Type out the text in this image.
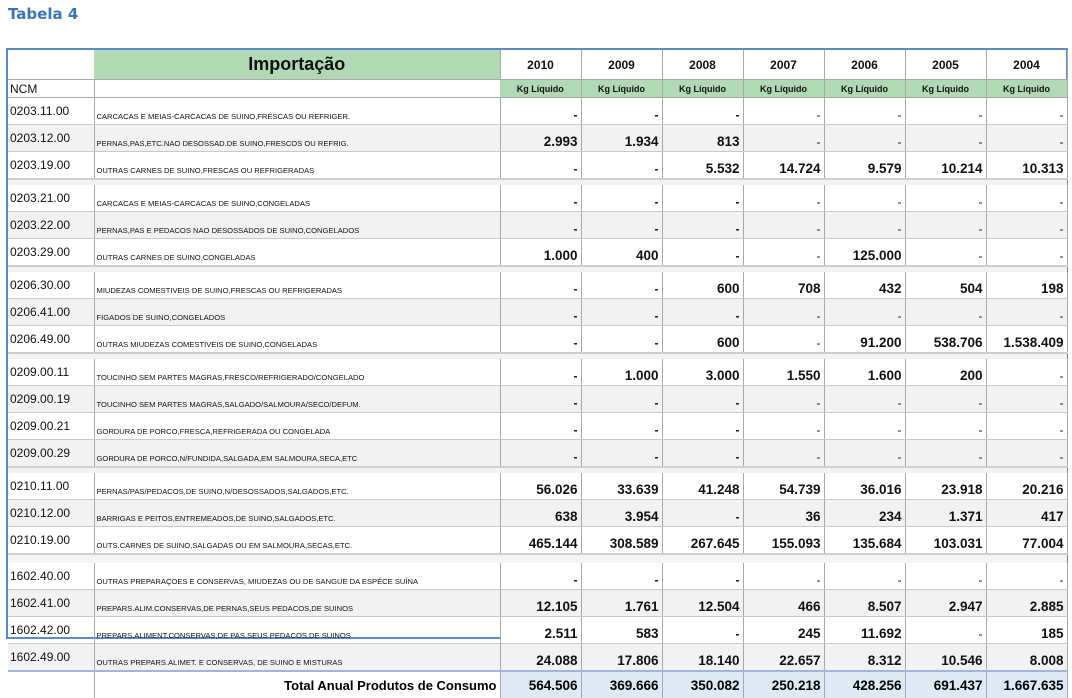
Tabela 4
	Importação	2010	2009	2008	2007	2006	2005	2004
NCM		Kg Líquido	Kg Líquido	Kg Líquido	Kg Líquido	Kg Líquido	Kg Líquido	Kg Líquido
0203.11.00	CARCACAS E MEIAS-CARCACAS DE SUINO,FRESCAS OU REFRIGER.	-	-	-	-	-	-	-
0203.12.00	PERNAS,PAS,ETC.NAO DESOSSAD.DE SUINO,FRESCOS OU REFRIG.	2.993	1.934	813	-	-	-	-
0203.19.00	OUTRAS CARNES DE SUINO,FRESCAS OU REFRIGERADAS	-	-	5.532	14.724	9.579	10.214	10.313

0203.21.00	CARCACAS E MEIAS-CARCACAS DE SUINO,CONGELADAS	-	-	-	-	-	-	-
0203.22.00	PERNAS,PAS E PEDACOS NAO DESOSSADOS DE SUINO,CONGELADOS	-	-	-	-	-	-	-
0203.29.00	OUTRAS CARNES DE SUINO,CONGELADAS	1.000	400	-	-	125.000	-	-

0206.30.00	MIUDEZAS COMESTIVEIS DE SUINO,FRESCAS OU REFRIGERADAS	-	-	600	708	432	504	198
0206.41.00	FIGADOS DE SUINO,CONGELADOS	-	-	-	-	-	-	-
0206.49.00	OUTRAS MIUDEZAS COMESTIVEIS DE SUINO,CONGELADAS	-	-	600	-	91.200	538.706	1.538.409

0209.00.11	TOUCINHO SEM PARTES MAGRAS,FRESCO/REFRIGERADO/CONGELADO	-	1.000	3.000	1.550	1.600	200	-
0209.00.19	TOUCINHO SEM PARTES MAGRAS,SALGADO/SALMOURA/SECO/DEFUM.	-	-	-	-	-	-	-
0209.00.21	GORDURA DE PORCO,FRESCA,REFRIGERADA OU CONGELADA	-	-	-	-	-	-	-
0209.00.29	GORDURA DE PORCO,N/FUNDIDA,SALGADA,EM SALMOURA,SECA,ETC	-	-	-	-	-	-	-

0210.11.00	PERNAS/PAS/PEDACOS,DE SUINO,N/DESOSSADOS,SALGADOS,ETC.	56.026	33.639	41.248	54.739	36.016	23.918	20.216
0210.12.00	BARRIGAS E PEITOS,ENTREMEADOS,DE SUINO,SALGADOS,ETC.	638	3.954	-	36	234	1.371	417
0210.19.00	OUTS.CARNES DE SUINO,SALGADAS OU EM SALMOURA,SECAS,ETC.	465.144	308.589	267.645	155.093	135.684	103.031	77.004

1602.40.00	OUTRAS PREPARAÇOES E CONSERVAS, MIUDEZAS OU DE SANGUE DA ESPÉCE SUÍNA	-	-	-	-	-	-	-
1602.41.00	PREPARS.ALIM.CONSERVAS,DE PERNAS,SEUS PEDACOS,DE SUINOS	12.105	1.761	12.504	466	8.507	2.947	2.885
1602.42.00	PREPARS.ALIMENT.CONSERVAS,DE PAS,SEUS PEDACOS,DE SUINOS	2.511	583	-	245	11.692	-	185
1602.49.00	OUTRAS PREPARS.ALIMET. E CONSERVAS, DE SUINO E MISTURAS	24.088	17.806	18.140	22.657	8.312	10.546	8.008
	Total Anual Produtos de Consumo	564.506	369.666	350.082	250.218	428.256	691.437	1.667.635
